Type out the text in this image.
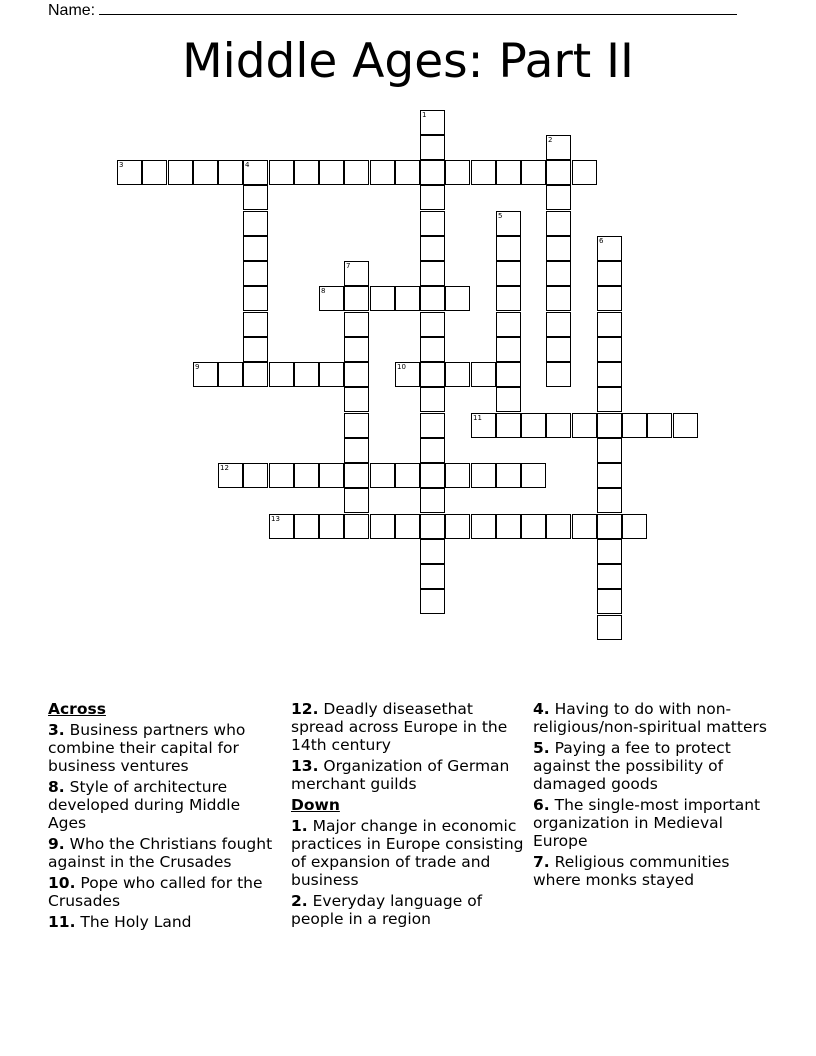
Name:
Middle Ages: Part II
1
2
3	4
5
6
7
8
9	10
11
12
13
Across
3. Business partners who combine their capital for business ventures
8. Style of architecture developed during Middle Ages
9. Who the Christians fought against in the Crusades
10. Pope who called for the Crusades
11. The Holy Land
12. Deadly diseasethat spread across Europe in the 14th century
13. Organization of German merchant guilds
Down
1. Major change in economic practices in Europe consisting of expansion of trade and business
2. Everyday language of people in a region
4. Having to do with non-religious/non-spiritual matters
5. Paying a fee to protect against the possibility of damaged goods
6. The single-most important organization in Medieval Europe
7. Religious communities where monks stayed
